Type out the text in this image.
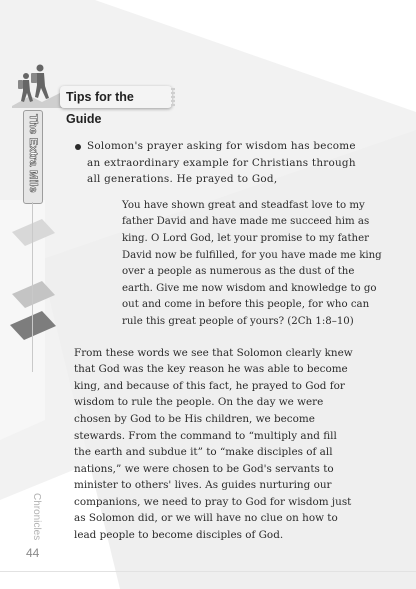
Tips for the Guide
The Extra Mile	Solomon's prayer asking for wisdom has become an extraordinary example for Christians through all generations. He prayed to God,
You have shown great and steadfast love to my father David and have made me succeed him as king. O Lord God, let your promise to my father David now be fulfilled, for you have made me king over a people as numerous as the dust of the earth. Give me now wisdom and knowledge to go out and come in before this people, for who can rule this great people of yours? (2Ch 1:8–10)
From these words we see that Solomon clearly knew that God was the key reason he was able to become king, and because of this fact, he prayed to God for wisdom to rule the people. On the day we were chosen by God to be His children, we become stewards. From the command to “multiply and fill the earth and subdue it” to “make disciples of all nations,” we were chosen to be God's servants to minister to others' lives. As guides nurturing our companions, we need to pray to God for wisdom just as Solomon did, or we will have no clue on how to lead people to become disciples of God.
Chronicles
44
